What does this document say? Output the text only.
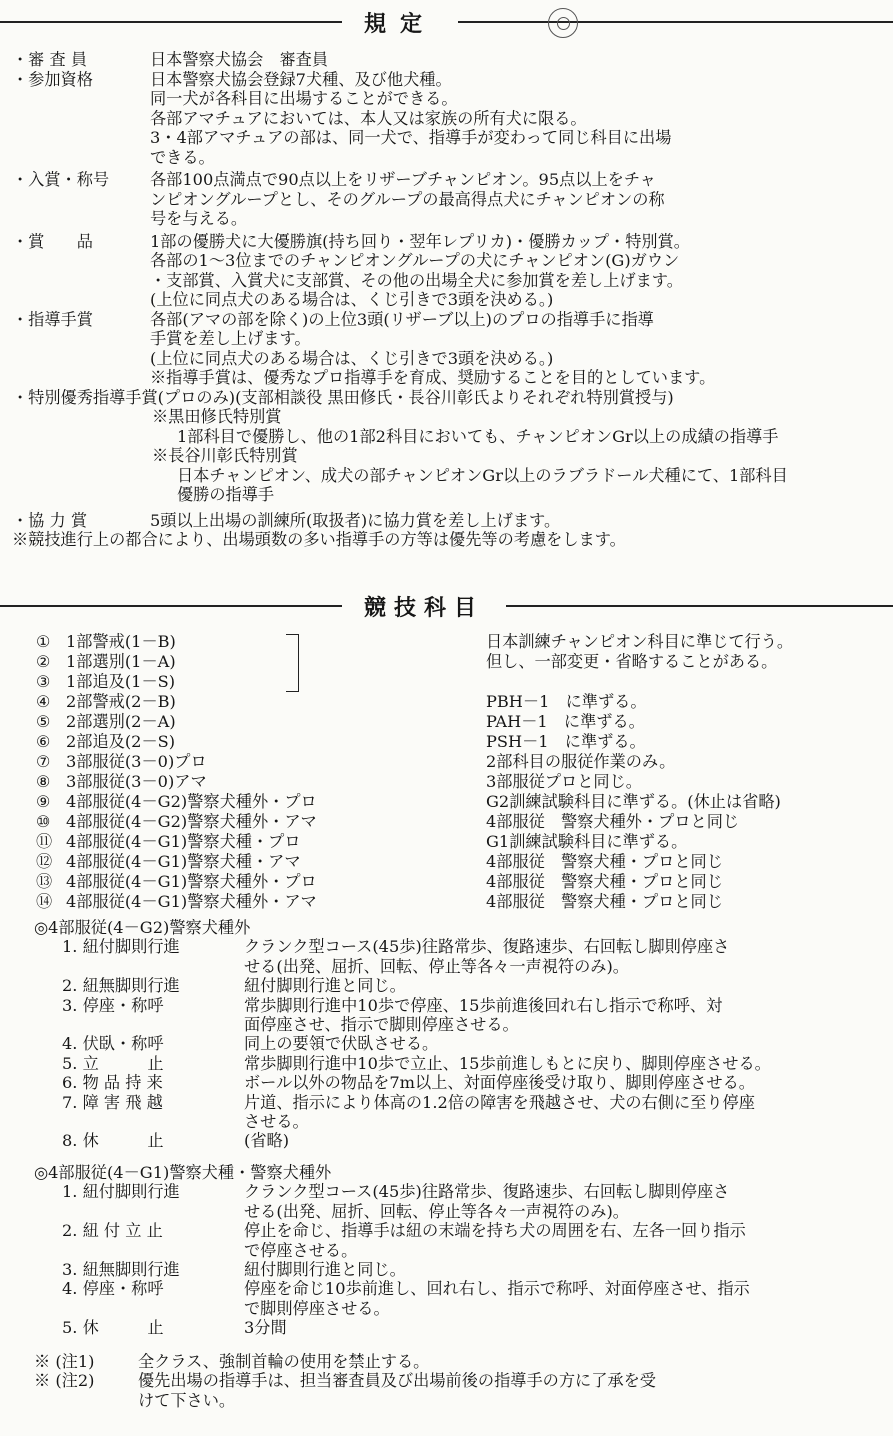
規定
・審 査 員	日本警察犬協会　審査員
・参加資格	日本警察犬協会登録7犬種、及び他犬種。
同一犬が各科目に出場することができる。
各部アマチュアにおいては、本人又は家族の所有犬に限る。
3・4部アマチュアの部は、同一犬で、指導手が変わって同じ科目に出場
できる。
・入賞・称号	各部100点満点で90点以上をリザーブチャンピオン。95点以上をチャ
ンピオングループとし、そのグループの最高得点犬にチャンピオンの称
号を与える。
・賞　　品	1部の優勝犬に大優勝旗(持ち回り・翌年レプリカ)・優勝カップ・特別賞。
各部の1～3位までのチャンピオングループの犬にチャンピオン(G)ガウン
・支部賞、入賞犬に支部賞、その他の出場全犬に参加賞を差し上げます。
(上位に同点犬のある場合は、くじ引きで3頭を決める。)
・指導手賞	各部(アマの部を除く)の上位3頭(リザーブ以上)のプロの指導手に指導
手賞を差し上げます。
(上位に同点犬のある場合は、くじ引きで3頭を決める。)
※指導手賞は、優秀なプロ指導手を育成、奨励することを目的としています。
・特別優秀指導手賞(プロのみ)(支部相談役 黒田修氏・長谷川彰氏よりそれぞれ特別賞授与)
※黒田修氏特別賞
1部科目で優勝し、他の1部2科目においても、チャンピオンGr以上の成績の指導手
※長谷川彰氏特別賞
日本チャンピオン、成犬の部チャンピオンGr以上のラブラドール犬種にて、1部科目
優勝の指導手
・協 力 賞	5頭以上出場の訓練所(取扱者)に協力賞を差し上げます。
※競技進行上の都合により、出場頭数の多い指導手の方等は優先等の考慮をします。
競技科目
① 1部警戒(1－B)	日本訓練チャンピオン科目に準じて行う。
② 1部選別(1－A)	但し、一部変更・省略することがある。
③ 1部追及(1－S)
④ 2部警戒(2－B)	PBH－1　に準ずる。
⑤ 2部選別(2－A)	PAH－1　に準ずる。
⑥ 2部追及(2－S)	PSH－1　に準ずる。
⑦ 3部服従(3－0)プロ	2部科目の服従作業のみ。
⑧ 3部服従(3－0)アマ	3部服従プロと同じ。
⑨ 4部服従(4－G2)警察犬種外・プロ	G2訓練試験科目に準ずる。(休止は省略)
⑩ 4部服従(4－G2)警察犬種外・アマ	4部服従　警察犬種外・プロと同じ
⑪ 4部服従(4－G1)警察犬種・プロ	G1訓練試験科目に準ずる。
⑫ 4部服従(4－G1)警察犬種・アマ	4部服従　警察犬種・プロと同じ
⑬ 4部服従(4－G1)警察犬種外・プロ	4部服従　警察犬種・プロと同じ
⑭ 4部服従(4－G1)警察犬種外・アマ	4部服従　警察犬種・プロと同じ
◎4部服従(4－G2)警察犬種外
1. 紐付脚則行進	クランク型コース(45歩)往路常歩、復路速歩、右回転し脚則停座さ
せる(出発、屈折、回転、停止等各々一声視符のみ)。
2. 紐無脚則行進	紐付脚則行進と同じ。
3. 停座・称呼	常歩脚則行進中10歩で停座、15歩前進後回れ右し指示で称呼、対
面停座させ、指示で脚則停座させる。
4. 伏臥・称呼	同上の要領で伏臥させる。
5. 立　　　止	常歩脚則行進中10歩で立止、15歩前進しもとに戻り、脚則停座させる。
6. 物 品 持 来	ボール以外の物品を7m以上、対面停座後受け取り、脚則停座させる。
7. 障 害 飛 越	片道、指示により体高の1.2倍の障害を飛越させ、犬の右側に至り停座
させる。
8. 休　　　止	(省略)
◎4部服従(4－G1)警察犬種・警察犬種外
1. 紐付脚則行進	クランク型コース(45歩)往路常歩、復路速歩、右回転し脚則停座さ
せる(出発、屈折、回転、停止等各々一声視符のみ)。
2. 紐 付 立 止	停止を命じ、指導手は紐の末端を持ち犬の周囲を右、左各一回り指示
で停座させる。
3. 紐無脚則行進	紐付脚則行進と同じ。
4. 停座・称呼	停座を命じ10歩前進し、回れ右し、指示で称呼、対面停座させ、指示
で脚則停座させる。
5. 休　　　止	3分間
※ (注1)	全クラス、強制首輪の使用を禁止する。
※ (注2)	優先出場の指導手は、担当審査員及び出場前後の指導手の方に了承を受
けて下さい。
